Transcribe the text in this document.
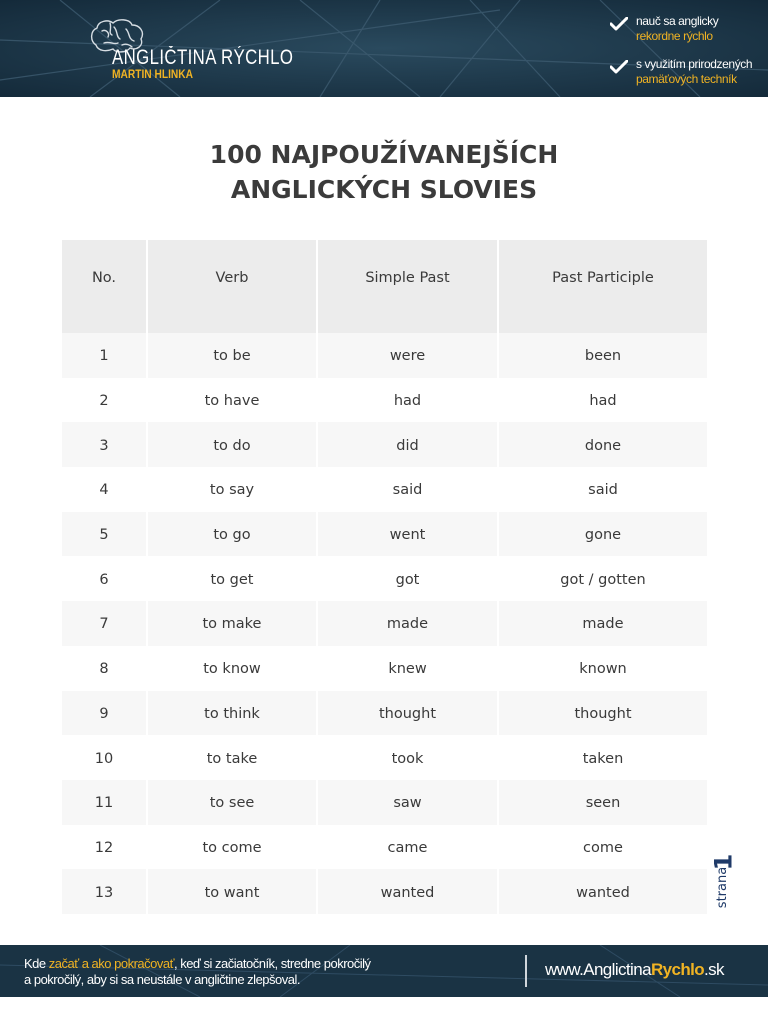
ANGLIČTINA RÝCHLO
MARTIN HLINKA
nauč sa anglicky
rekordne rýchlo
s využitím prirodzených
pamäťových techník
100 NAJPOUŽÍVANEJŠÍCH
ANGLICKÝCH SLOVIES
No.	Verb	Simple Past	Past Participle
1	to be	were	been
2	to have	had	had
3	to do	did	done
4	to say	said	said
5	to go	went	gone
6	to get	got	got / gotten
7	to make	made	made
8	to know	knew	known
9	to think	thought	thought
10	to take	took	taken
11	to see	saw	seen
12	to come	came	come
13	to want	wanted	wanted
1
strana
Kde začať a ako pokračovať, keď si začiatočník, stredne pokročilý
a pokročilý, aby si sa neustále v angličtine zlepšoval.
www.AnglictinaRychlo.sk
